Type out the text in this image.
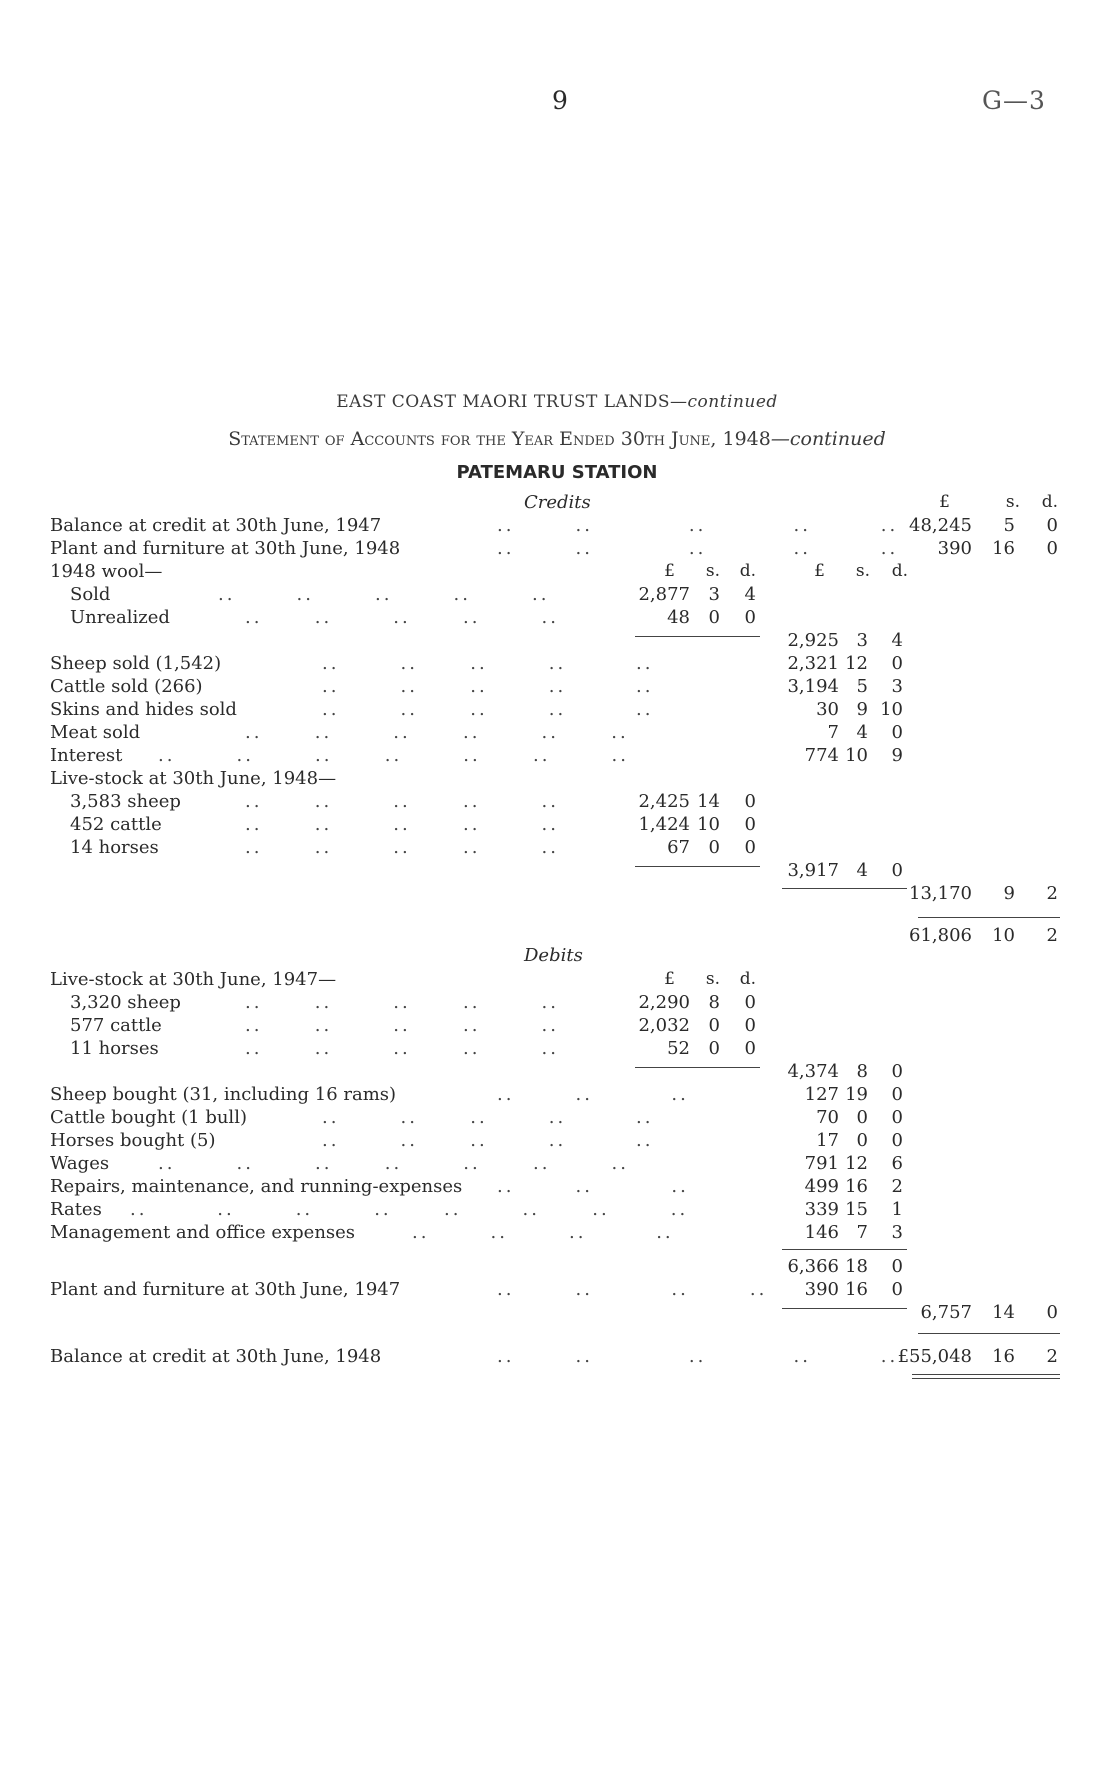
9	G—3
EAST COAST MAORI TRUST LANDS—continued
Statement of Accounts for the Year Ended 30th June, 1948—continued
PATEMARU STATION
Credits	£	s. d.
Balance at credit at 30th June, 1947	..       ..           ..          ..        .. 48,245	5	0
Plant and furniture at 30th June, 1948	..       ..           ..          ..        ..	390 16	0
1948 wool—	£ s. d.	£ s. d.
Sold	..       ..       ..       ..       ..	2,877	3	4
Unrealized	..      ..       ..      ..       ..	48	0	0
2,925 3	4
Sheep sold (1,542)	..       ..      ..       ..        ..	2,321 12	0
Cattle sold (266)	..       ..      ..       ..        ..	3,194 5	3
Skins and hides sold	..       ..      ..       ..        ..	30 9 10
Meat sold	..      ..       ..      ..       ..      ..	7 4	0
Interest ..       ..       ..      ..       ..      ..       ..	774 10	9
Live-stock at 30th June, 1948—
3,583 sheep	..      ..       ..      ..       ..	2,425 14	0
452 cattle	..      ..       ..      ..       ..	1,424 10	0
14 horses	..      ..       ..      ..       ..	67	0	0
3,917 4	0
13,170	9	2
61,806 10	2
Debits
Live-stock at 30th June, 1947—	£ s. d.
3,320 sheep	..      ..       ..      ..       ..	2,290	8	0
577 cattle	..      ..       ..      ..       ..	2,032	0	0
11 horses	..      ..       ..      ..       ..	52	0	0
4,374 8	0
Sheep bought (31, including 16 rams)	..       ..         ..	127 19	0
Cattle bought (1 bull)	..       ..      ..       ..        ..	70 0	0
Horses bought (5)	..       ..      ..       ..        ..	17 0	0
Wages	..       ..       ..      ..       ..      ..       ..	791 12	6
Repairs, maintenance, and running-expenses ..       ..         ..	499 16	2
Rates ..        ..       ..       ..      ..       ..      ..       ..	339 15	1
Management and office expenses	..       ..       ..        ..	146 7	3
6,366 18	0
Plant and furniture at 30th June, 1947	..       ..         ..       ..	390 16	0
6,757 14	0
Balance at credit at 30th June, 1948	..       ..           ..          ..        .. £55,048 16	2
